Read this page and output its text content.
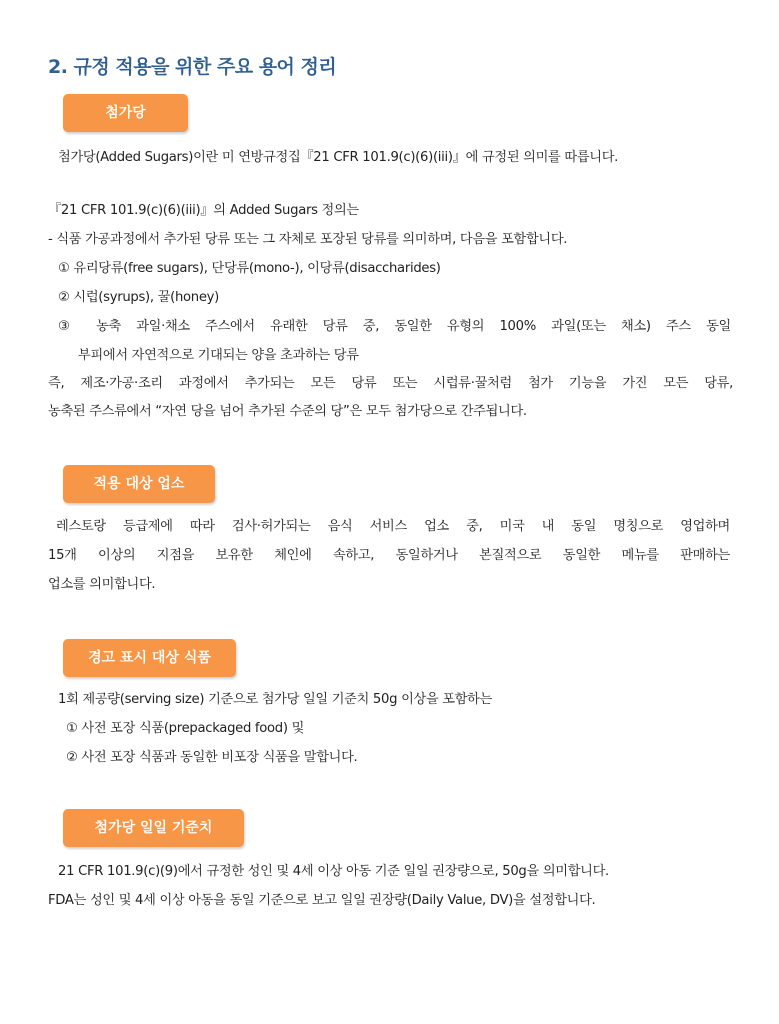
2. 규정 적용을 위한 주요 용어 정리
첨가당
첨가당(Added Sugars)이란 미 연방규정집『21 CFR 101.9(c)(6)(iii)』에 규정된 의미를 따릅니다.
『21 CFR 101.9(c)(6)(iii)』의 Added Sugars 정의는
- 식품 가공과정에서 추가된 당류 또는 그 자체로 포장된 당류를 의미하며, 다음을 포함합니다.
① 유리당류(free sugars), 단당류(mono-), 이당류(disaccharides)
② 시럽(syrups), 꿀(honey)
③ 농축 과일·채소 주스에서 유래한 당류 중, 동일한 유형의 100% 과일(또는 채소) 주스 동일
부피에서 자연적으로 기대되는 양을 초과하는 당류
즉, 제조·가공·조리 과정에서 추가되는 모든 당류 또는 시럽류·꿀처럼 첨가 기능을 가진 모든 당류,
농축된 주스류에서 “자연 당을 넘어 추가된 수준의 당”은 모두 첨가당으로 간주됩니다.
적용 대상 업소
레스토랑 등급제에 따라 검사·허가되는 음식 서비스 업소 중, 미국 내 동일 명칭으로 영업하며
15개 이상의 지점을 보유한 체인에 속하고, 동일하거나 본질적으로 동일한 메뉴를 판매하는
업소를 의미합니다.
경고 표시 대상 식품
1회 제공량(serving size) 기준으로 첨가당 일일 기준치 50g 이상을 포함하는
① 사전 포장 식품(prepackaged food) 및
② 사전 포장 식품과 동일한 비포장 식품을 말합니다.
첨가당 일일 기준치
21 CFR 101.9(c)(9)에서 규정한 성인 및 4세 이상 아동 기준 일일 권장량으로, 50g을 의미합니다.
FDA는 성인 및 4세 이상 아동을 동일 기준으로 보고 일일 권장량(Daily Value, DV)을 설정합니다.
